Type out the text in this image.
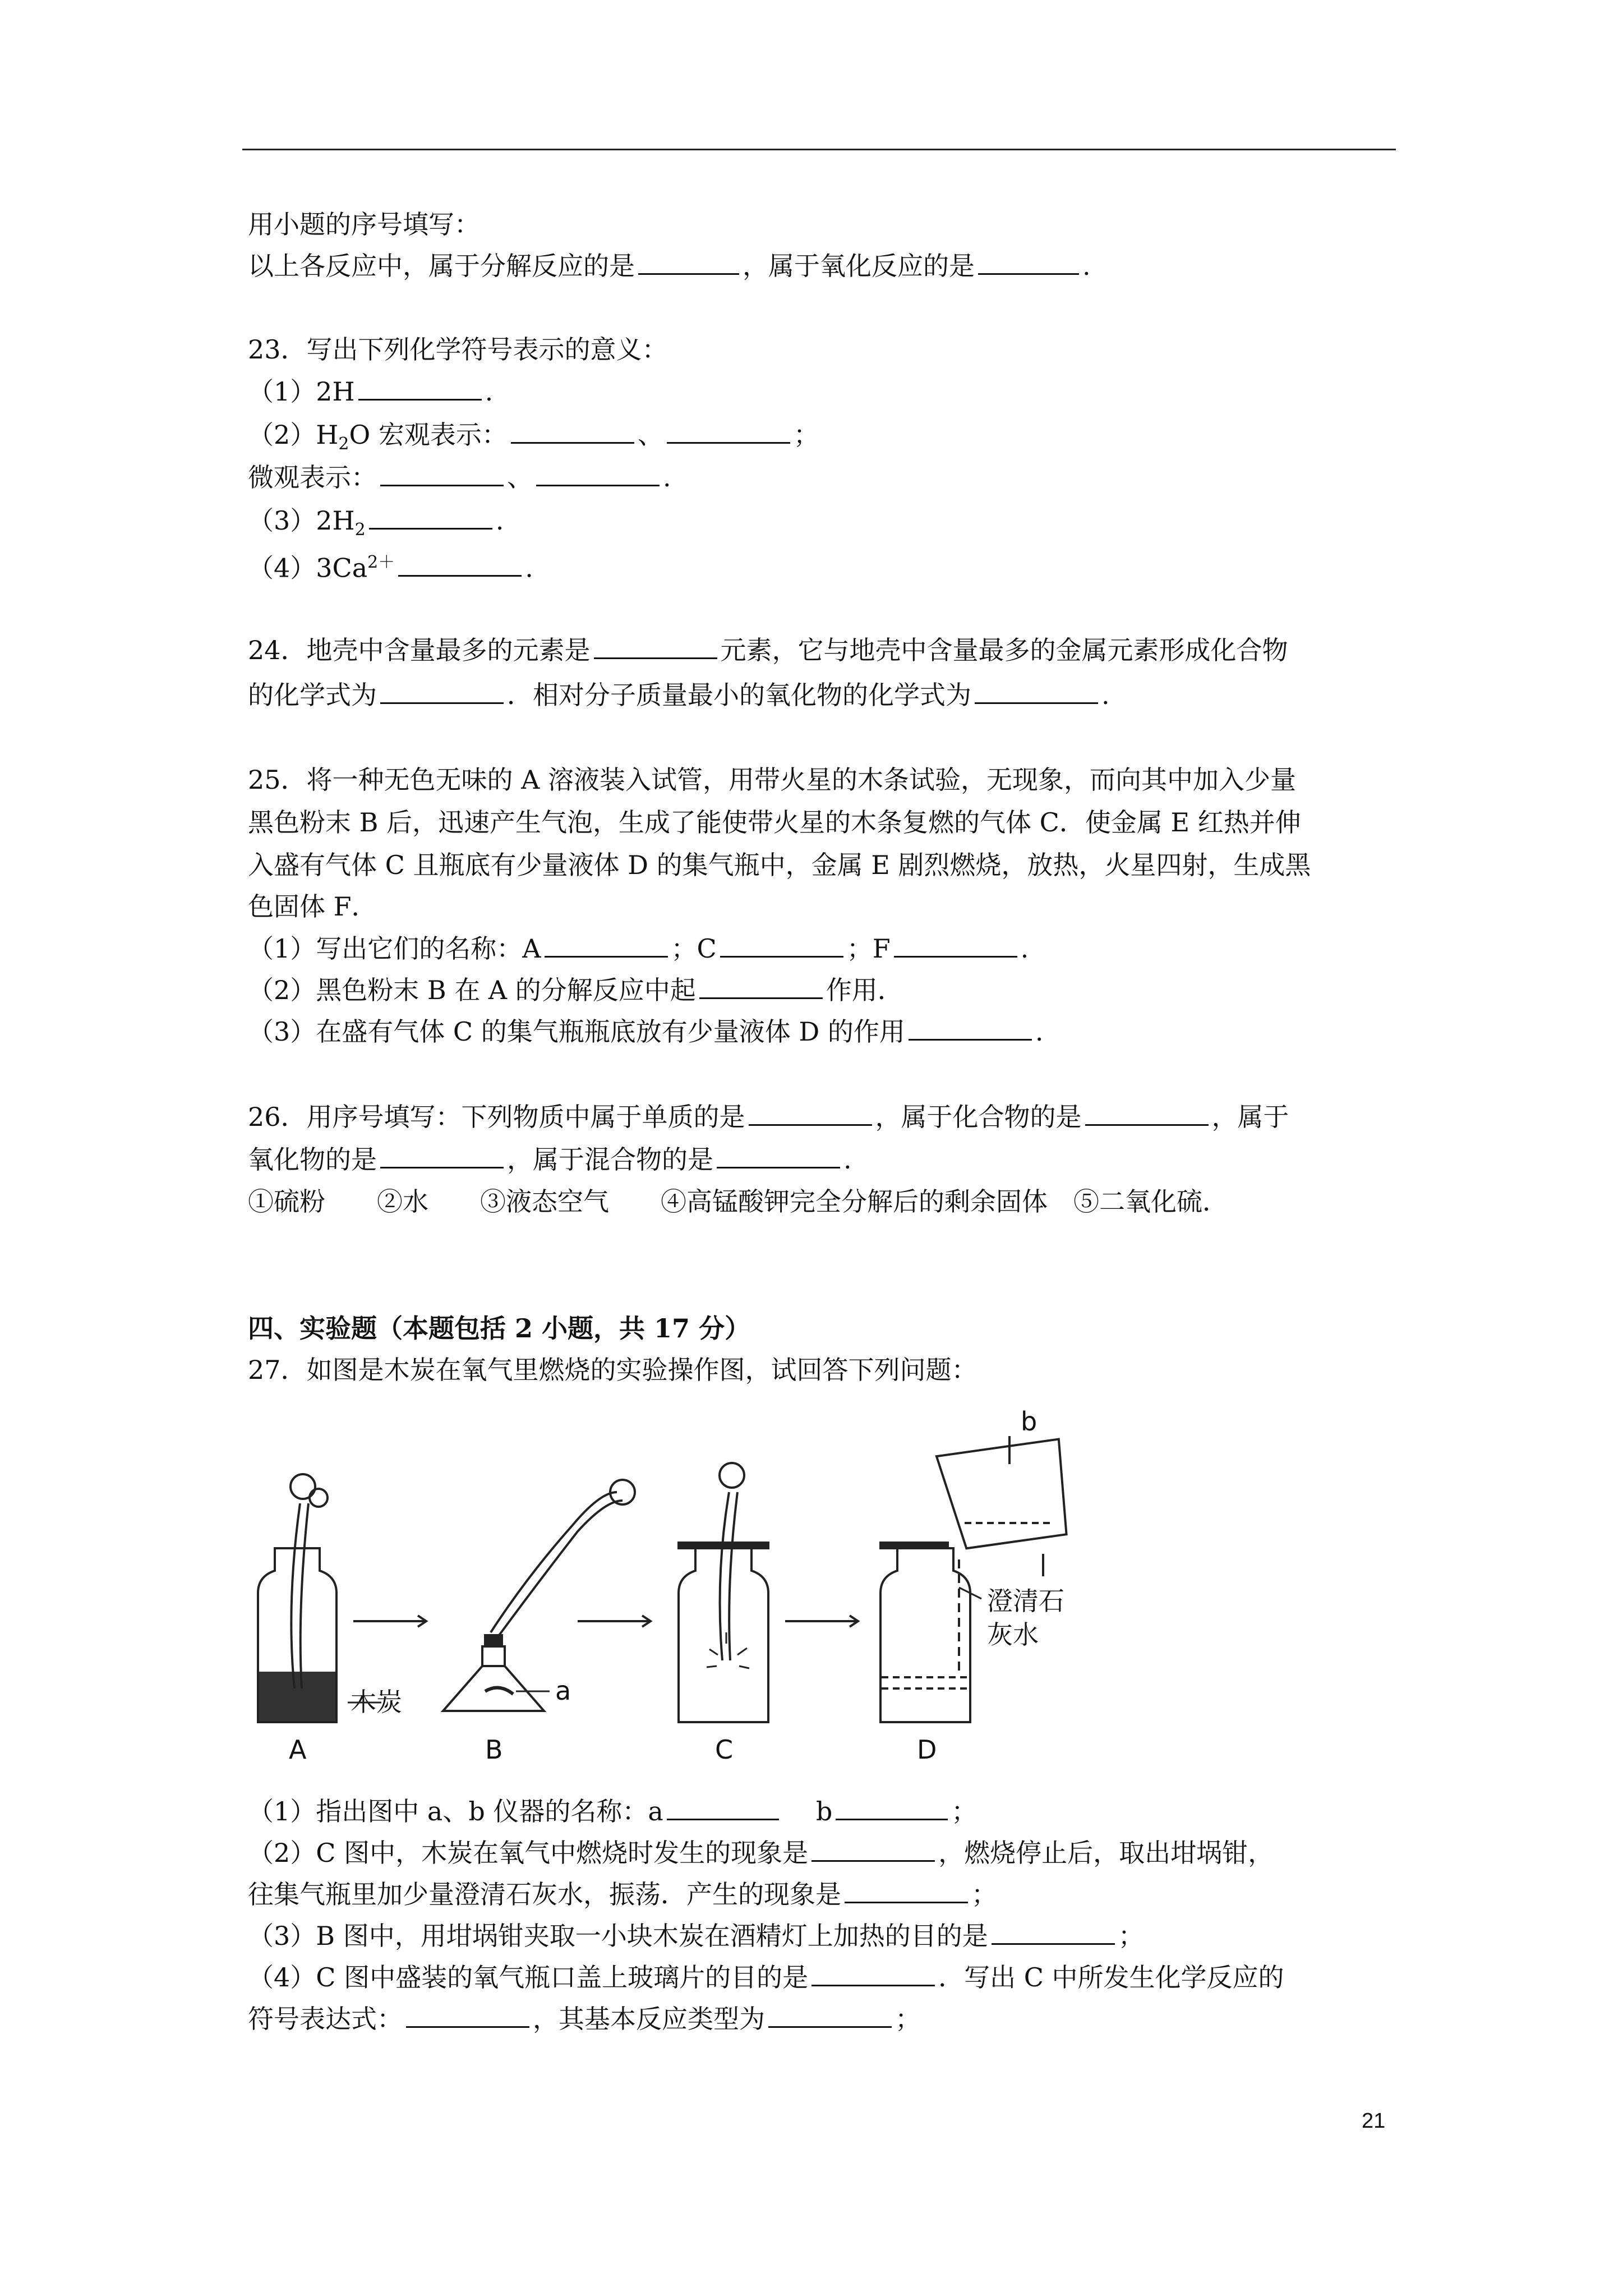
用小题的序号填写：
以上各反应中，属于分解反应的是	，属于氧化反应的是	.
23．写出下列化学符号表示的意义：
（1）2H	.
$(2)H_2O$ 宏观表示：	、	；
微观表示：	、	.
$(3)2H_2$	.
$(4)3Ca^{2+}$	.
24．地壳中含量最多的元素是	元素，它与地壳中含量最多的金属元素形成化合物
的化学式为	．相对分子质量最小的氧化物的化学式为	.
25．将一种无色无味的 A 溶液装入试管，用带火星的木条试验，无现象，而向其中加入少量
黑色粉末 B 后，迅速产生气泡，生成了能使带火星的木条复燃的气体 C．使金属 E 红热并伸
入盛有气体 C 且瓶底有少量液体 D 的集气瓶中，金属 E 剧烈燃烧，放热，火星四射，生成黑
色固体 F．
（1）写出它们的名称：A	；C	；F	.
（2）黑色粉末 B 在 A 的分解反应中起	作用．
（3）在盛有气体 C 的集气瓶瓶底放有少量液体 D 的作用	.
26．用序号填写：下列物质中属于单质的是	，属于化合物的是	，属于
氧化物的是	，属于混合物的是	.
①硫粉　　②水　　③液态空气　　④高锰酸钾完全分解后的剩余固体　⑤二氧化硫．
四、实验题（本题包括 2 小题，共 17 分）
27．如图是木炭在氧气里燃烧的实验操作图，试回答下列问题：
木炭	a
b
澄清石
灰水
A	B	C	D
（1）指出图中 a、b 仪器的名称：a	b	；
（2）C 图中，木炭在氧气中燃烧时发生的现象是	，燃烧停止后，取出坩埚钳，
往集气瓶里加少量澄清石灰水，振荡．产生的现象是	；
（3）B 图中，用坩埚钳夹取一小块木炭在酒精灯上加热的目的是	；
（4）C 图中盛装的氧气瓶口盖上玻璃片的目的是	．写出 C 中所发生化学反应的
符号表达式：	，其基本反应类型为	；
21
